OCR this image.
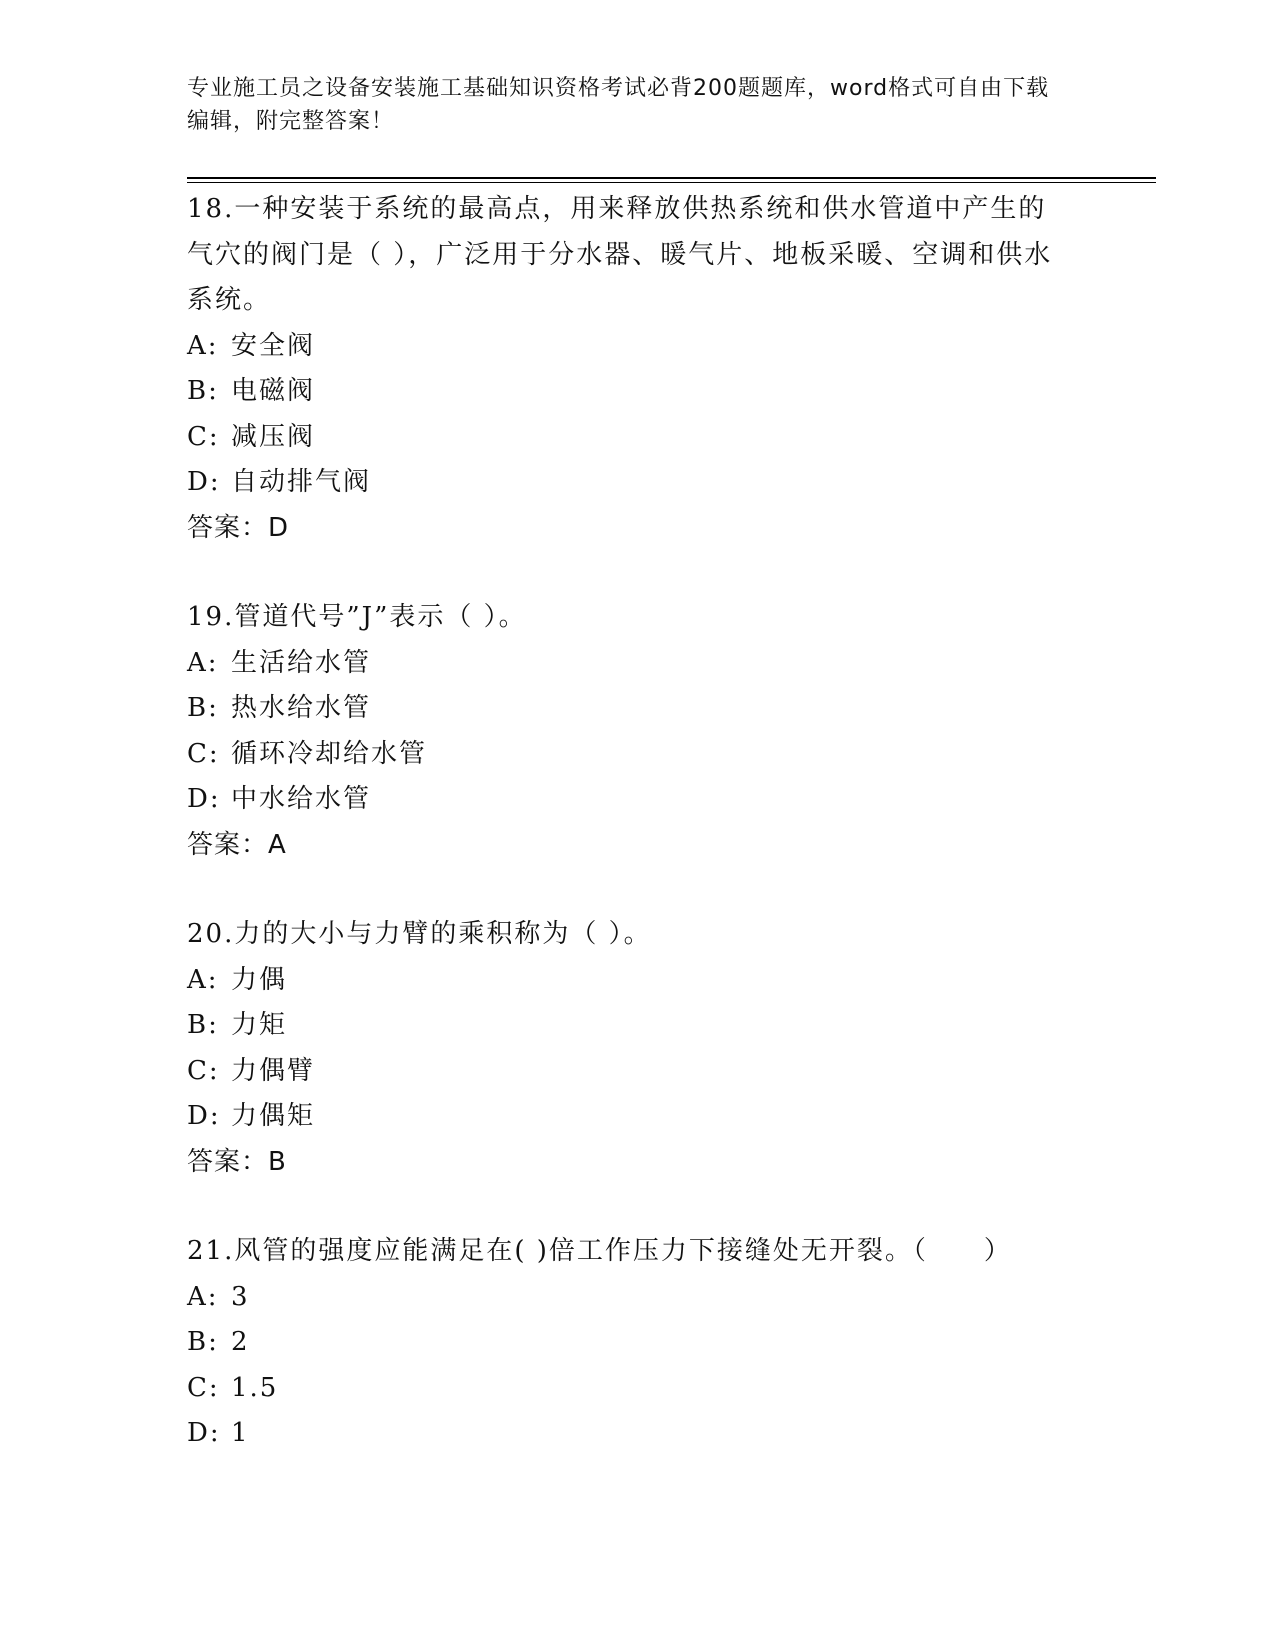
专业施工员之设备安装施工基础知识资格考试必背200题题库，word格式可自由下载编辑，附完整答案！

18.一种安装于系统的最高点，用来释放供热系统和供水管道中产生的气穴的阀门是（ ），广泛用于分水器、暖气片、地板采暖、空调和供水系统。

A: 安全阀

B: 电磁阀

C: 减压阀

D: 自动排气阀

答案：D

19.管道代号”J”表示（ ）。

A: 生活给水管

B: 热水给水管

C: 循环冷却给水管

D: 中水给水管

答案：A

20.力的大小与力臂的乘积称为（ ）。

A: 力偶

B: 力矩

C: 力偶臂

D: 力偶矩

答案：B

21.风管的强度应能满足在( )倍工作压力下接缝处无开裂。（　　）

A: 3

B: 2

C: 1.5

D: 1
